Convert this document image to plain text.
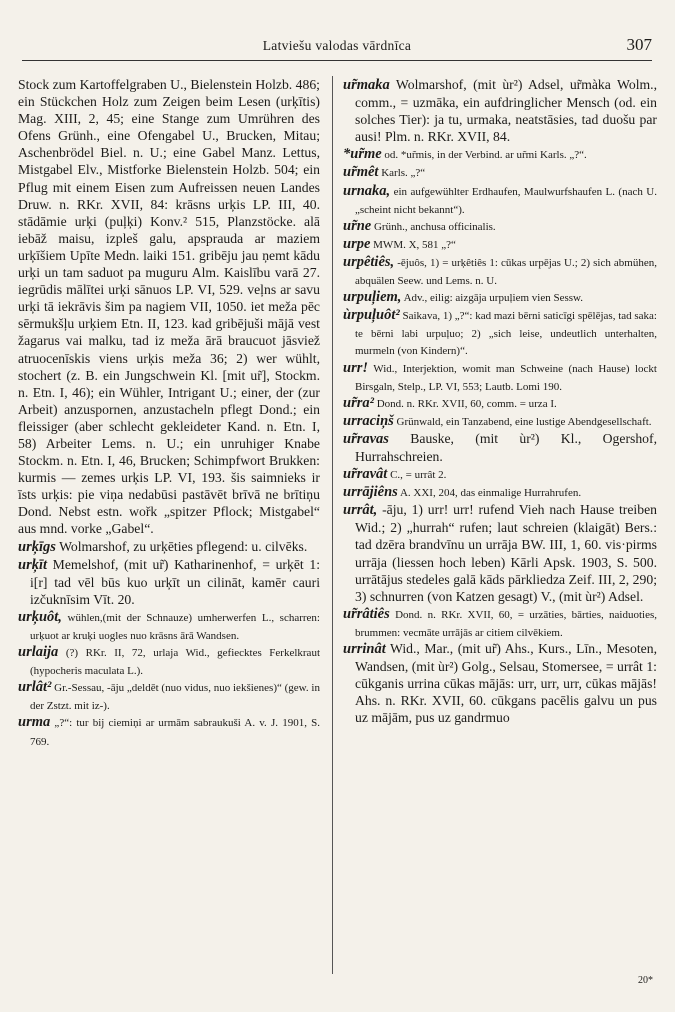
Latviešu valodas vārdnīca	307

Stock zum Kartoffelgraben U., Bielenstein Holzb. 486; ein Stückchen Holz zum Zeigen beim Lesen (urķītis) Mag. XIII, 2, 45; eine Stange zum Umrühren des Ofens Grünh., eine Ofengabel U., Brucken, Mitau; Aschenbrödel Biel. n. U.; eine Gabel Manz. Lettus, Mistgabel Elv., Mistforke Bielenstein Holzb. 504; ein Pflug mit einem Eisen zum Aufreissen neuen Landes Druw. n. RKr. XVII, 84: krāsns urķis LP. III, 40. stādāmie urķi (puļķi) Konv.² 515, Planzstöcke. alā iebāž maisu, izpleš galu, apsprauda ar maziem urķīšiem Upīte Medn. laiki 151. gribēju jau ņemt kādu urķi un tam saduot pa muguru Alm. Kaislību varā 27. iegrūdis mālītei urķi sānuos LP. VI, 529. veļns ar savu urķi tā iekrāvis šim pa nagiem VII, 1050. iet meža pēc sērmukšļu urķiem Etn. II, 123. kad gribējuši mājā vest žagarus vai malku, tad iz meža ārā braucuot jāsviež atruocenīskis viens urķis meža 36; 2) wer wühlt, stochert (z. B. ein Jungschwein Kl. [mit ur̃], Stockm. n. Etn. I, 46); ein Wühler, Intrigant U.; einer, der (zur Arbeit) anzuspornen, anzustacheln pflegt Dond.; ein fleissiger (aber schlecht gekleideter Kand. n. Etn. I, 58) Arbeiter Lems. n. U.; ein unruhiger Knabe Stockm. n. Etn. I, 46, Brucken; Schimpfwort Brukken: kurmis — zemes urķis LP. VI, 193. šis saimnieks ir īsts urķis: pie viņa nedabūsi pastāvēt brīvā ne brītiņu Dond. Nebst estn. wořk „spitzer Pflock; Mistgabel“ aus mnd. vorke „Gabel“.

urķīgs Wolmarshof, zu urķēties pflegend: u. cilvēks.

urķīt Memelshof, (mit ur̃) Katharinenhof, = urķēt 1: i[r] tad vēl būs kuo urķīt un cilināt, kamēr cauri izčuknīsim Vīt. 20.

urķuôt, wühlen,(mit der Schnauze) umherwerfen L., scharren: urķuot ar kruķi uogles nuo krāsns ārā Wandsen.

urlaija (?) RKr. II, 72, urlaja Wid., gefiecktes Ferkelkraut (hypocheris maculata L.).

urlât² Gr.-Sessau, -āju „deldēt (nuo vidus, nuo iekšienes)“ (gew. in der Zstzt. mit iz-).

urma „?“: tur bij ciemiņi ar urmām sabraukuši A. v. J. 1901, S. 769.

ur̃maka Wolmarshof, (mit ùr²) Adsel, ur̃màka Wolm., comm., = uzmāka, ein aufdringlicher Mensch (od. ein solches Tier): ja tu, urmaka, neatstāsies, tad duošu par ausi! Plm. n. RKr. XVII, 84.

*ur̃me od. *ur̃mis, in der Verbind. ar ur̃mi Karls. „?“.

ur̃mêt Karls. „?“

urnaka, ein aufgewühlter Erdhaufen, Maulwurfshaufen L. (nach U. „scheint nicht bekannt“).

ur̃ne Grünh., anchusa officinalis.

urpe MWM. X, 581 „?“

urpêtiês, -ējuôs, 1) = urķêtiês 1: cūkas urpējas U.; 2) sich abmühen, abquälen Seew. und Lems. n. U.

urpuļiem, Adv., eilig: aizgāja urpuļiem vien Sessw.

ùrpuļuôt² Saikava, 1) „?“: kad mazi bērni saticīgi spēlējas, tad saka: te bērni labi urpuļuo; 2) „sich leise, undeutlich unterhalten, murmeln (von Kindern)“.

urr! Wid., Interjektion, womit man Schweine (nach Hause) lockt Birsgaln, Stelp., LP. VI, 553; Lautb. Lomi 190.

ur̃ra² Dond. n. RKr. XVII, 60, comm. = urza I.

urraciņš Grünwald, ein Tanzabend, eine lustige Abendgesellschaft.

ur̃ravas Bauske, (mit ùr²) Kl., Ogershof, Hurrahschreien.

ur̃ravât C., = urrât 2.

urrājiêns A. XXI, 204, das einmalige Hurrahrufen.

urrât, -āju, 1) urr! urr! rufend Vieh nach Hause treiben Wid.; 2) „hurrah“ rufen; laut schreien (klaigāt) Bers.: tad dzēra brandvīnu un urrāja BW. III, 1, 60. vis·pirms urrāja (liessen hoch leben) Kārli Apsk. 1903, S. 500. urrātājus stedeles galā kāds pārkliedza Zeif. III, 2, 290; 3) schnurren (von Katzen gesagt) V., (mit ùr²) Adsel.

ur̃râtiês Dond. n. RKr. XVII, 60, = urzāties, bārties, naiduoties, brummen: vecmāte urrājās ar citiem cilvēkiem.

urrinât Wid., Mar., (mit ur̃) Ahs., Kurs., Līn., Mesoten, Wandsen, (mit ùr²) Golg., Selsau, Stomersee, = urrât 1: cūkganis urrina cūkas mājās: urr, urr, urr, cūkas mājās! Ahs. n. RKr. XVII, 60. cūkgans pacēlis galvu un pus uz mājām, pus uz gandrmuo

20*
